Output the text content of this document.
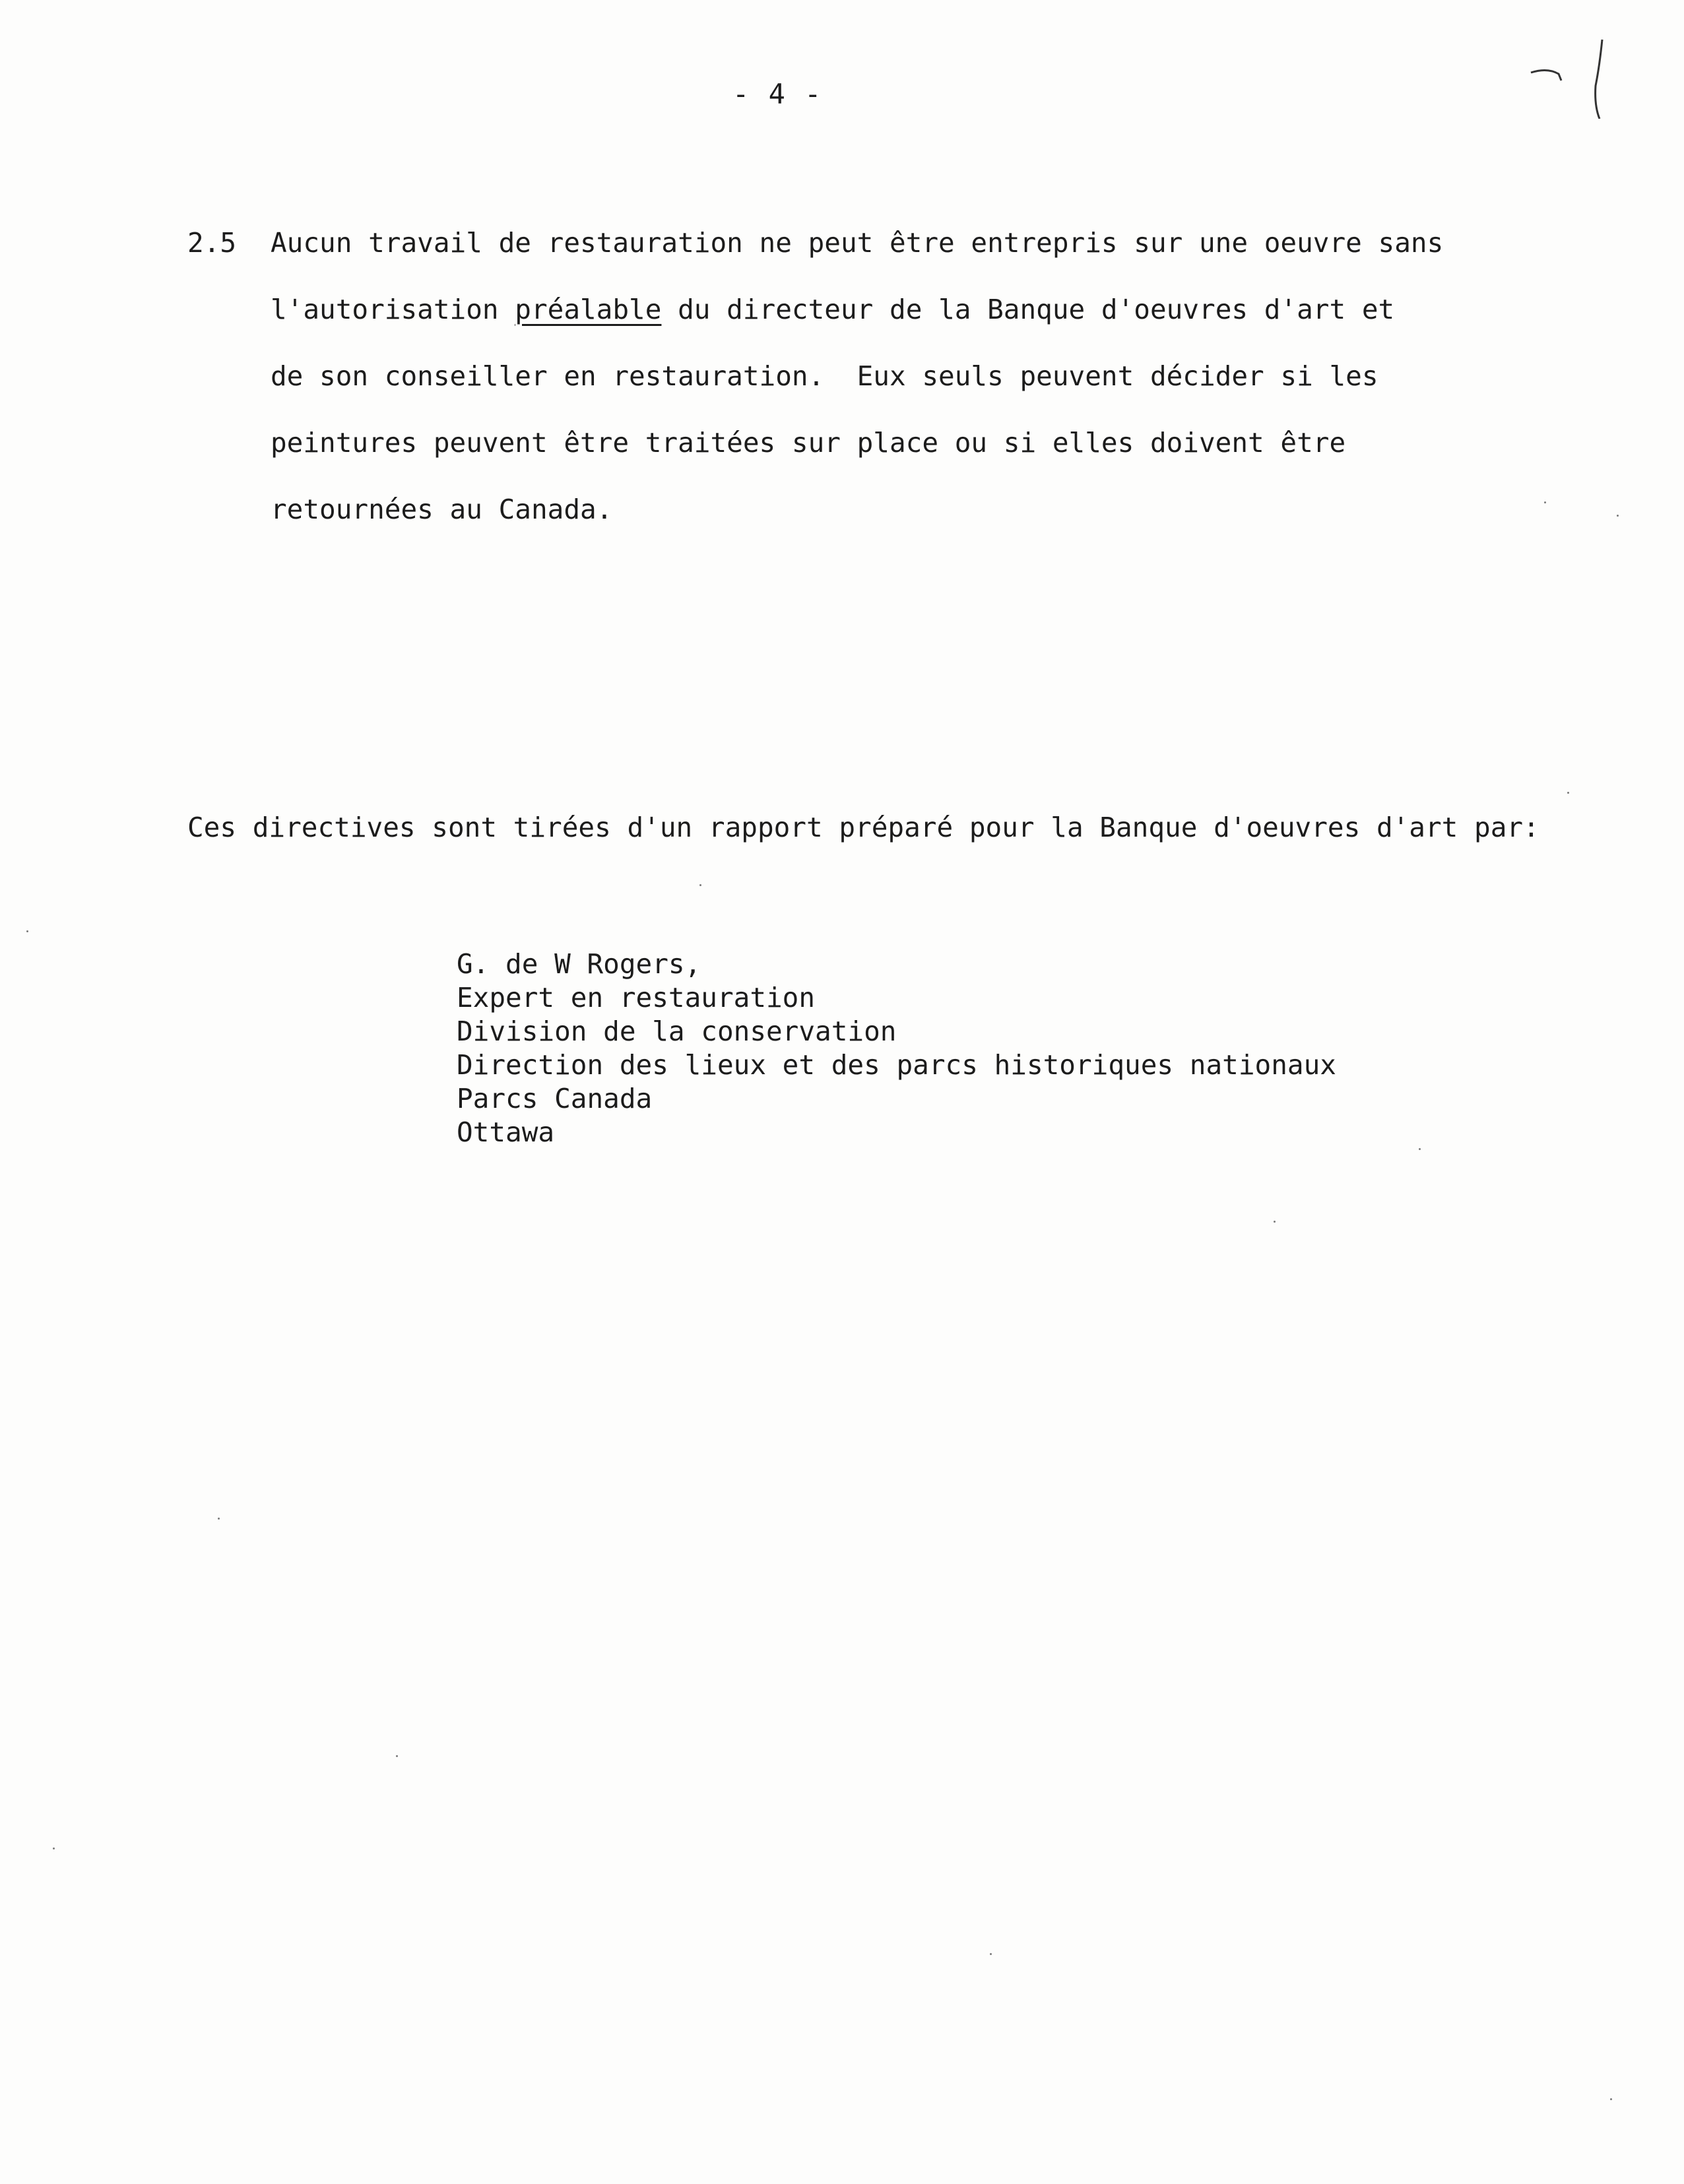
- 4 -
2.5 Aucun travail de restauration ne peut être entrepris sur une oeuvre sans
l'autorisation préalable du directeur de la Banque d'oeuvres d'art et
de son conseiller en restauration.  Eux seuls peuvent décider si les
peintures peuvent être traitées sur place ou si elles doivent être
retournées au Canada.
Ces directives sont tirées d'un rapport préparé pour la Banque d'oeuvres d'art par:
G. de W Rogers,
Expert en restauration
Division de la conservation
Direction des lieux et des parcs historiques nationaux
Parcs Canada
Ottawa
